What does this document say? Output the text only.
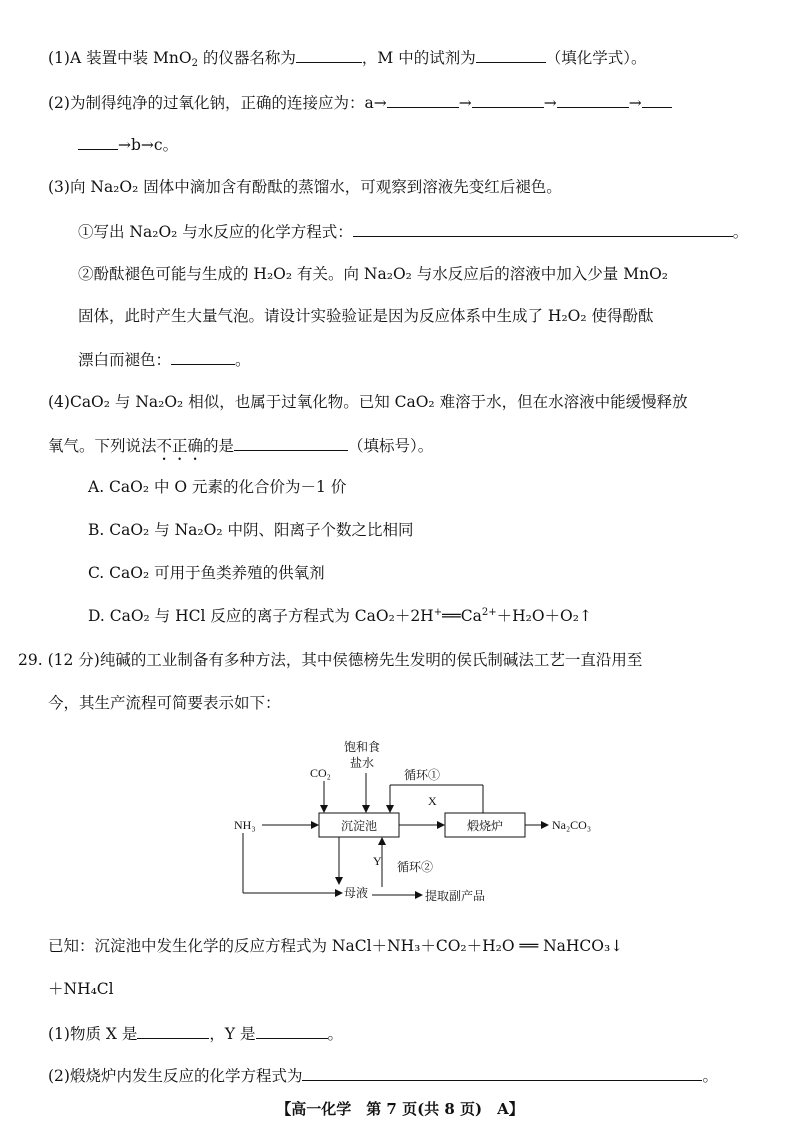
(1)A 装置中装 MnO$_2$ 的仪器名称为	，M 中的试剂为	（填化学式）。
(2)为制得纯净的过氧化钠，正确的连接应为：a→	→	→	→
→b→c。
(3)向 Na₂O₂ 固体中滴加含有酚酞的蒸馏水，可观察到溶液先变红后褪色。
①写出 Na₂O₂ 与水反应的化学方程式：	。
②酚酞褪色可能与生成的 H₂O₂ 有关。向 Na₂O₂ 与水反应后的溶液中加入少量 MnO₂
固体，此时产生大量气泡。请设计实验验证是因为反应体系中生成了 H₂O₂ 使得酚酞
漂白而褪色：	。
(4)CaO₂ 与 Na₂O₂ 相似，也属于过氧化物。已知 CaO₂ 难溶于水，但在水溶液中能缓慢释放
氧气。下列说法不正确的是	（填标号）。
A. CaO₂ 中 O 元素的化合价为－1 价
B. CaO₂ 与 Na₂O₂ 中阴、阳离子个数之比相同
C. CaO₂ 可用于鱼类养殖的供氧剂
D. CaO₂ 与 HCl 反应的离子方程式为 $CaO_2+2H^+══Ca^{2+}+H_2O+O_2↑$
29. (12 分)纯碱的工业制备有多种方法，其中侯德榜先生发明的侯氏制碱法工艺一直沿用至
今，其生产流程可简要表示如下：
沉淀池	煅烧炉
NH₃
CO₂
饱和食
盐水
Na₂CO₃
循环①
X
母液
Y 循环②
提取副产品
已知：沉淀池中发生化学的反应方程式为 NaCl＋NH₃＋CO₂＋H₂O ══ NaHCO₃↓
＋NH₄Cl
(1)物质 X 是	，Y 是	。
(2)煅烧炉内发生反应的化学方程式为	。
【高一化学　第 7 页(共 8 页)　A】
